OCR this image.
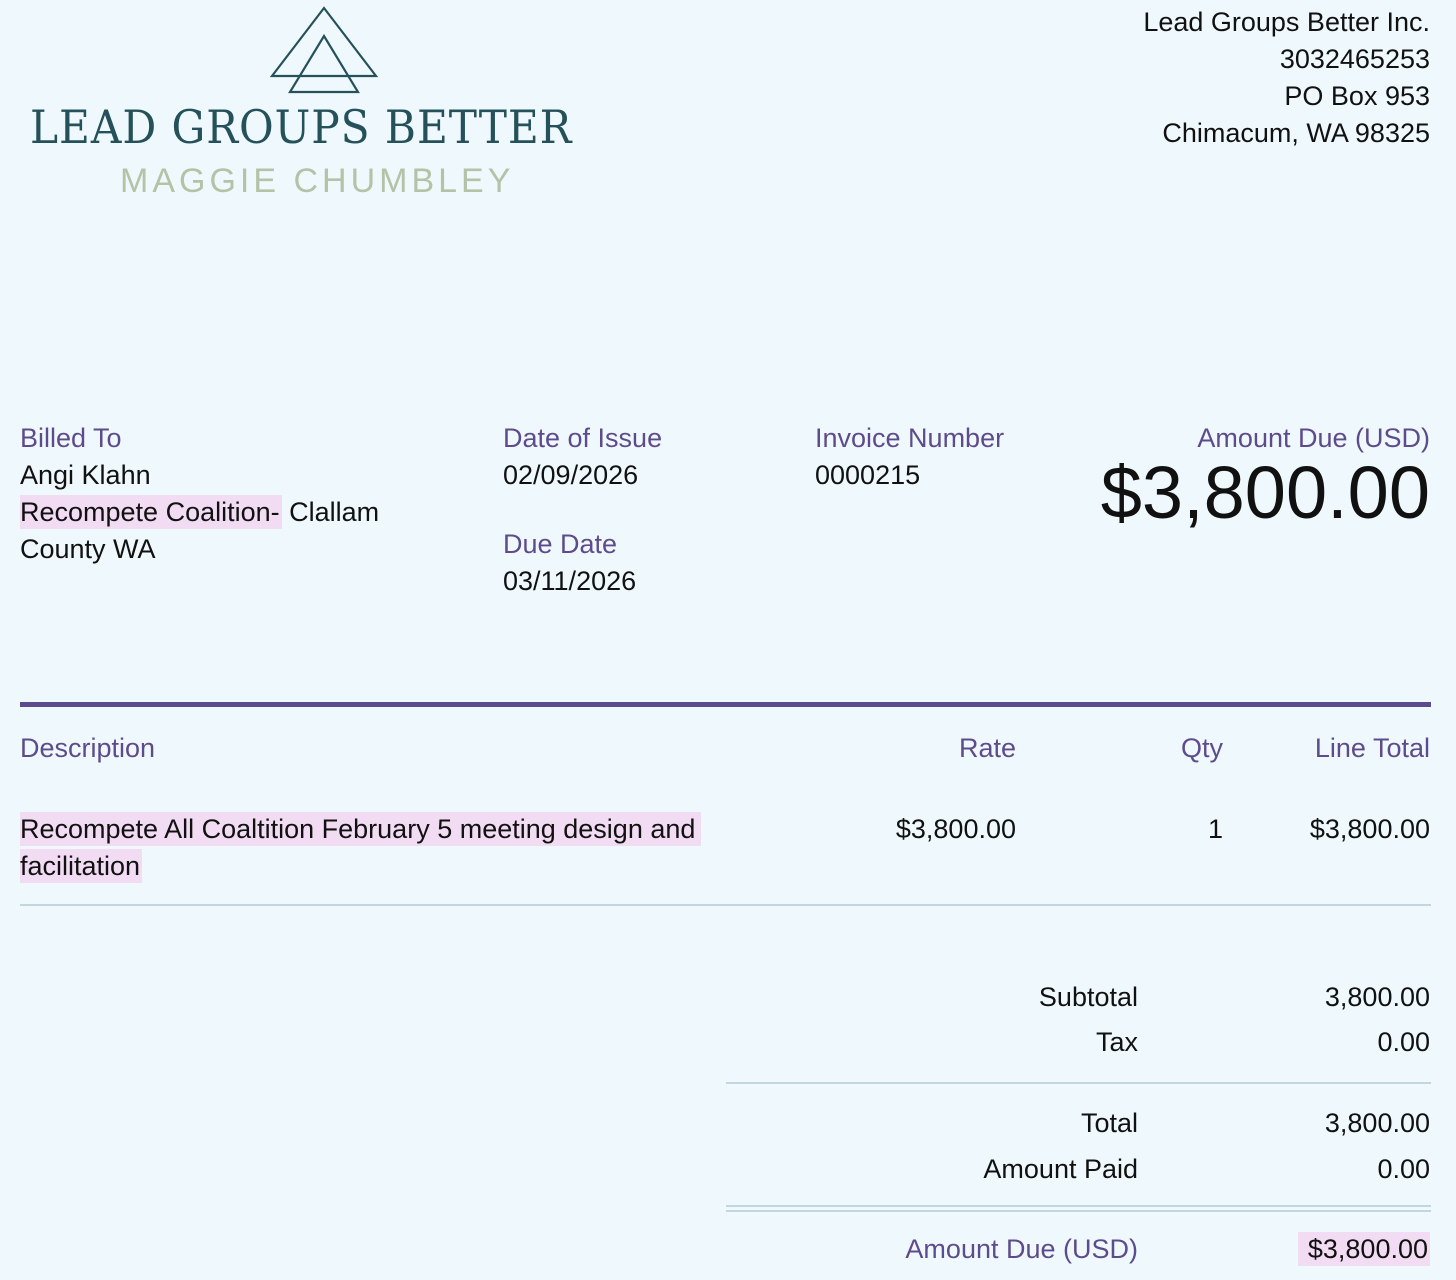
LEAD GROUPS BETTER
MAGGIE CHUMBLEY
Lead Groups Better Inc.
3032465253
PO Box 953
Chimacum, WA 98325
Billed To
Angi Klahn
Recompete Coalition- Clallam
County WA
Date of Issue
02/09/2026
Due Date
03/11/2026
Invoice Number
0000215
Amount Due (USD)
$3,800.00
Description	Rate	Qty	Line Total
Recompete All Coaltition February 5 meeting design and
facilitation
$3,800.00	1	$3,800.00
Subtotal	3,800.00
Tax	0.00
Total	3,800.00
Amount Paid	0.00
Amount Due (USD)	$3,800.00
